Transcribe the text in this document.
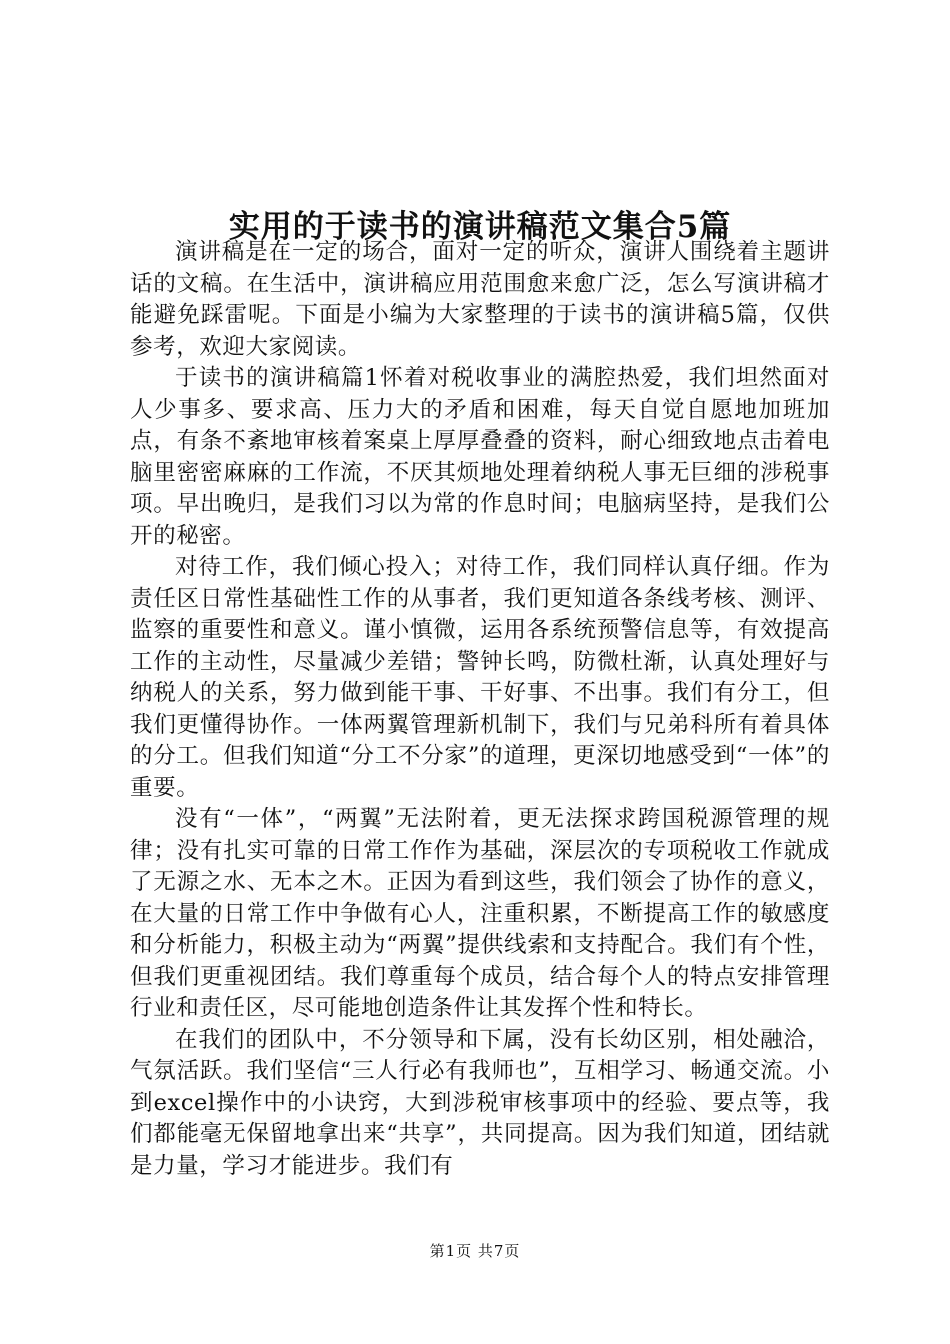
实用的于读书的演讲稿范文集合5篇

演讲稿是在一定的场合，面对一定的听众，演讲人围绕着主题讲话的文稿。在生活中，演讲稿应用范围愈来愈广泛，怎么写演讲稿才能避免踩雷呢。下面是小编为大家整理的于读书的演讲稿5篇，仅供参考，欢迎大家阅读。

于读书的演讲稿篇1怀着对税收事业的满腔热爱，我们坦然面对人少事多、要求高、压力大的矛盾和困难，每天自觉自愿地加班加点，有条不紊地审核着案桌上厚厚叠叠的资料，耐心细致地点击着电脑里密密麻麻的工作流，不厌其烦地处理着纳税人事无巨细的涉税事项。早出晚归，是我们习以为常的作息时间；电脑病坚持，是我们公开的秘密。

对待工作，我们倾心投入；对待工作，我们同样认真仔细。作为责任区日常性基础性工作的从事者，我们更知道各条线考核、测评、监察的重要性和意义。谨小慎微，运用各系统预警信息等，有效提高工作的主动性，尽量减少差错；警钟长鸣，防微杜渐，认真处理好与纳税人的关系，努力做到能干事、干好事、不出事。我们有分工，但我们更懂得协作。一体两翼管理新机制下，我们与兄弟科所有着具体的分工。但我们知道“分工不分家”的道理，更深切地感受到“一体”的重要。

没有“一体”，“两翼”无法附着，更无法探求跨国税源管理的规律；没有扎实可靠的日常工作作为基础，深层次的专项税收工作就成了无源之水、无本之木。正因为看到这些，我们领会了协作的意义，在大量的日常工作中争做有心人，注重积累，不断提高工作的敏感度和分析能力，积极主动为“两翼”提供线索和支持配合。我们有个性，但我们更重视团结。我们尊重每个成员，结合每个人的特点安排管理行业和责任区，尽可能地创造条件让其发挥个性和特长。

在我们的团队中，不分领导和下属，没有长幼区别，相处融洽，气氛活跃。我们坚信“三人行必有我师也”，互相学习、畅通交流。小到excel操作中的小诀窍，大到涉税审核事项中的经验、要点等，我们都能毫无保留地拿出来“共享”，共同提高。因为我们知道，团结就是力量，学习才能进步。我们有

第1页 共7页
